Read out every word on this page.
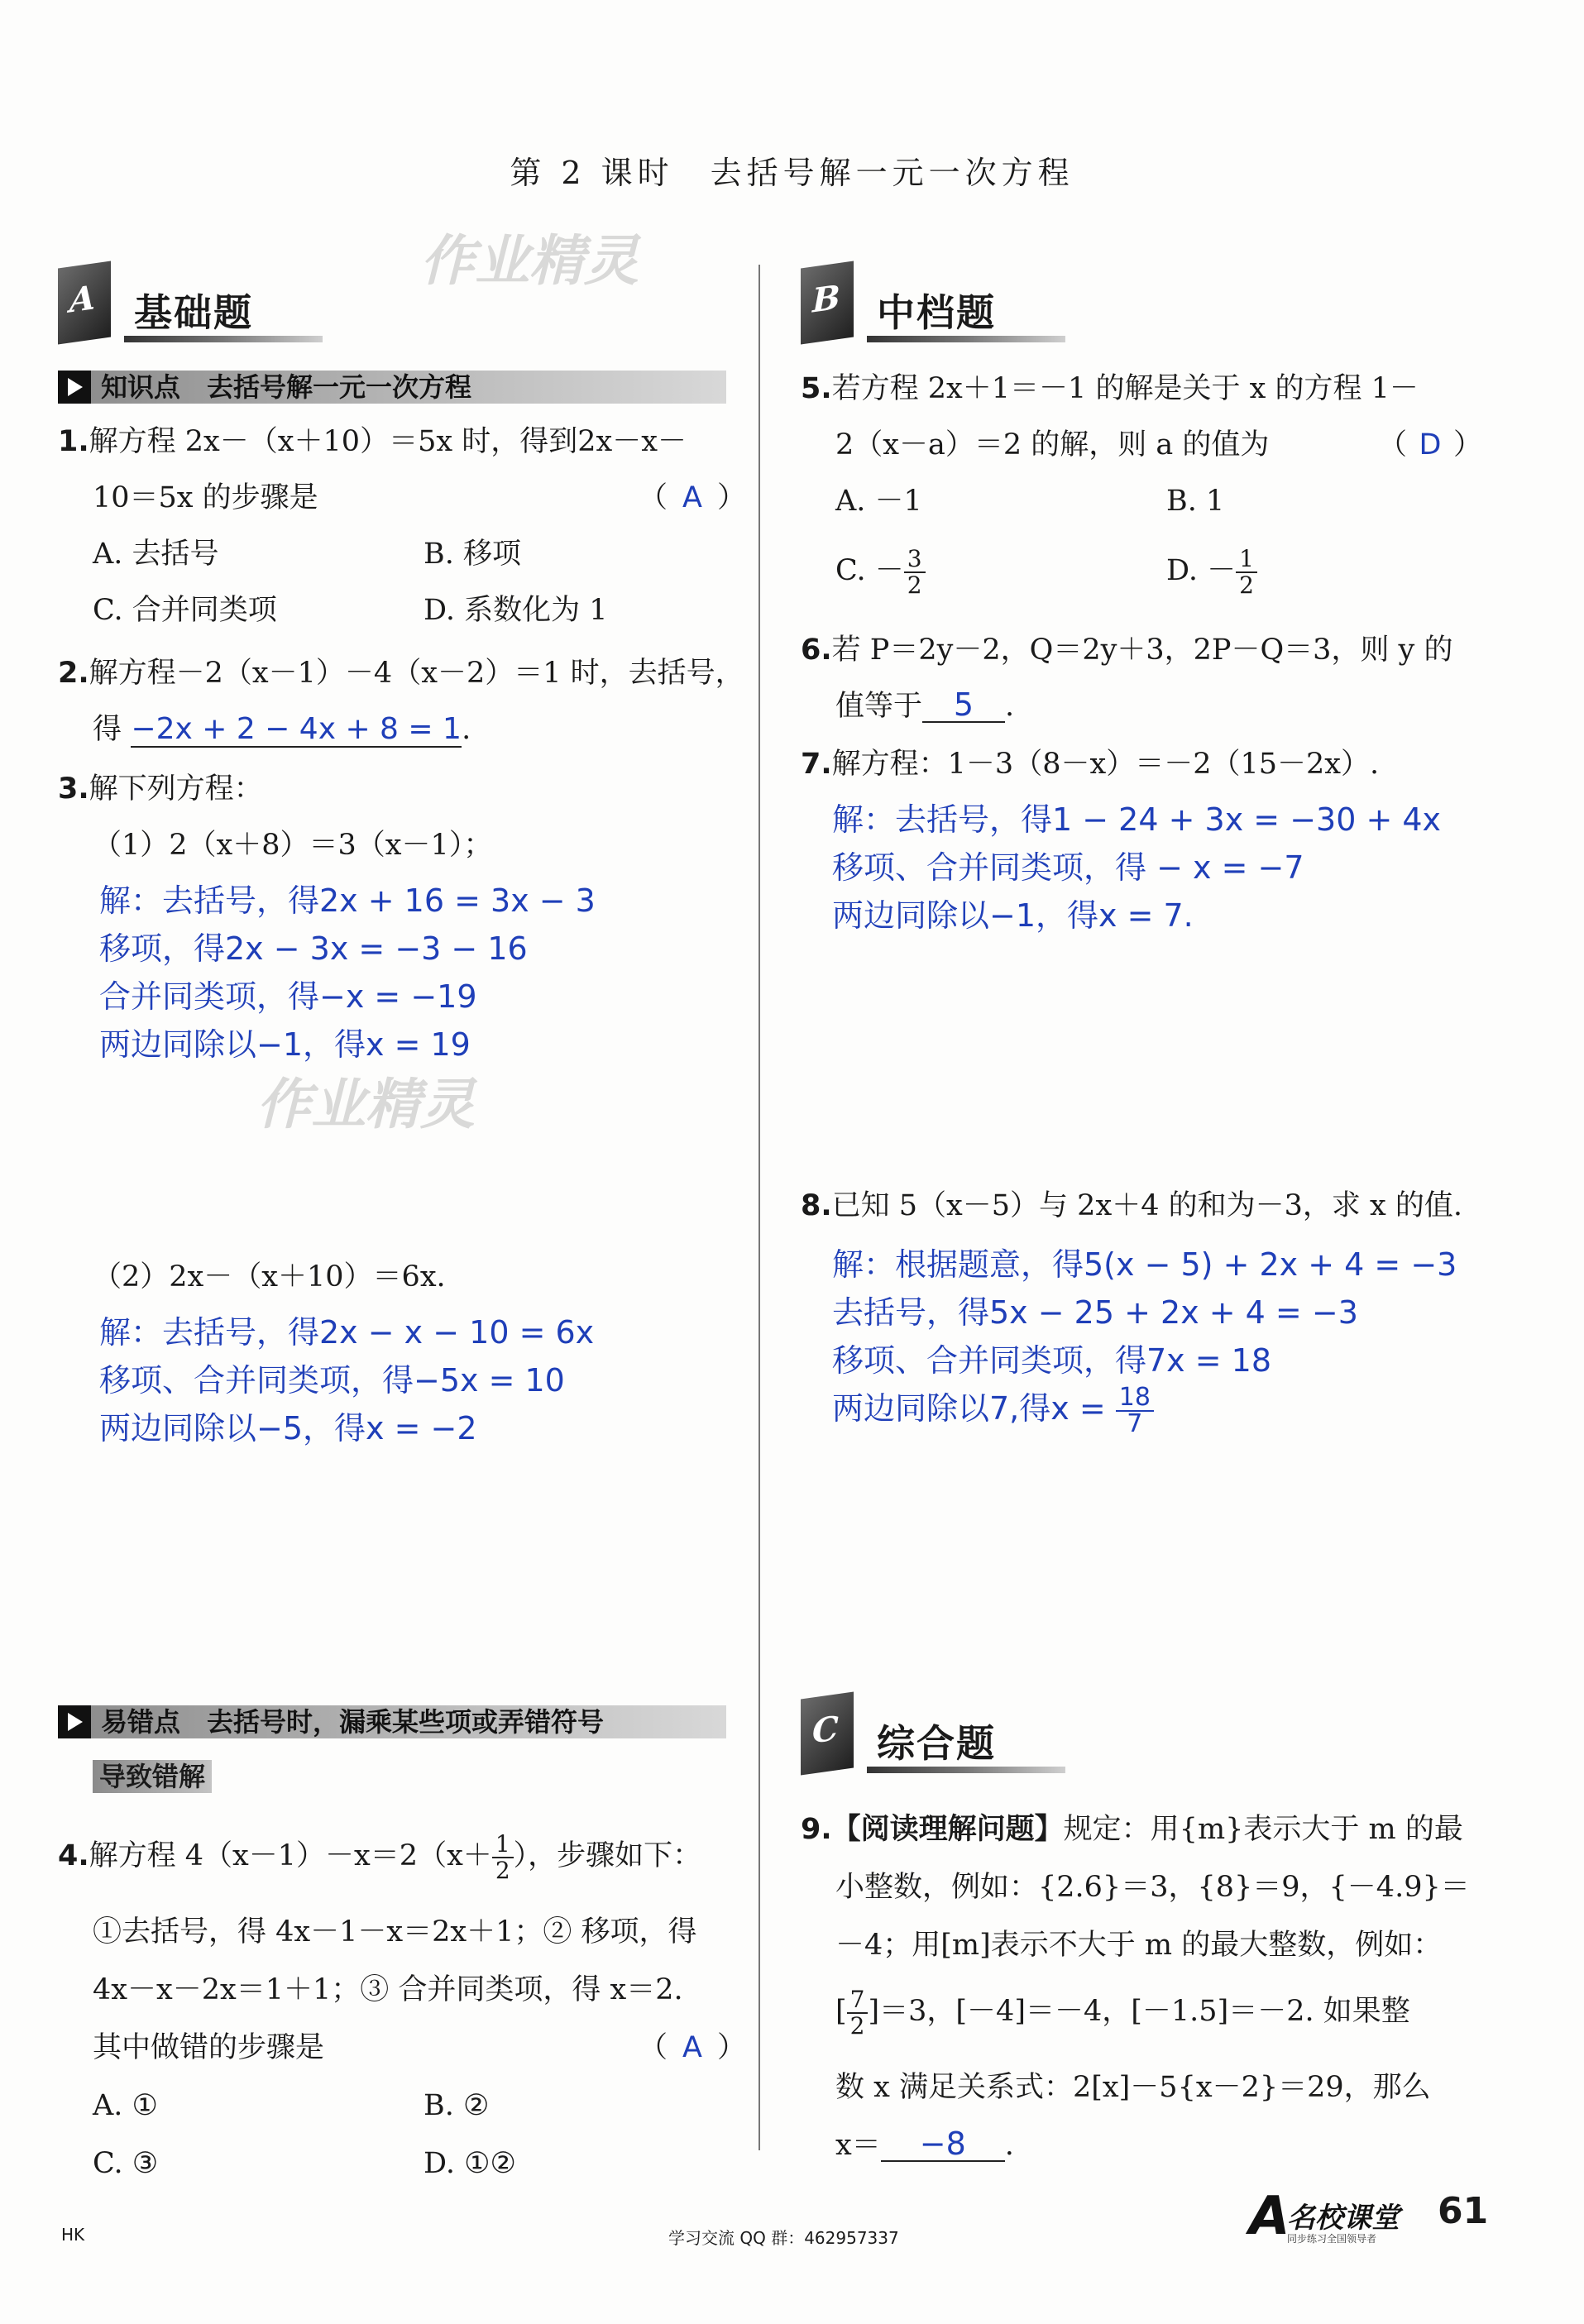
第 2 课时　去括号解一元一次方程
作业精灵
作业精灵
A 基础题
知识点　去括号解一元一次方程
1.解方程 2x－（x＋10）＝5x 时，得到2x－x－
10＝5x 的步骤是	（ A ）
A. 去括号	B. 移项
C. 合并同类项	D. 系数化为 1
2.解方程－2（x－1）－4（x－2）＝1 时，去括号，
得 −2x + 2 − 4x + 8 = 1.
3.解下列方程：
（1）2（x＋8）＝3（x－1）；
解：去括号，得2x + 16 = 3x − 3
移项，得2x − 3x = −3 − 16
合并同类项，得−x = −19
两边同除以−1，得x = 19
（2）2x－（x＋10）＝6x.
解：去括号，得2x − x − 10 = 6x
移项、合并同类项，得−5x = 10
两边同除以−5，得x = −2
易错点　去括号时，漏乘某些项或弄错符号
导致错解
4.解方程 $4(x-1)-x=2(x+ \frac{1}{2}$ ），步骤如下：
①去括号，得 4x－1－x＝2x＋1；② 移项，得
4x－x－2x＝1＋1；③ 合并同类项，得 x＝2.
其中做错的步骤是	（ A ）
A. ①	B. ②
C. ③	D. ①②
B 中档题
5.若方程 2x＋1＝－1 的解是关于 x 的方程 1－
2（x－a）＝2 的解，则 a 的值为	（ D ）
A. －1	B. 1
C. － $\frac{3}{2}$	D. － $\frac{1}{2}$
6.若 P＝2y－2，Q＝2y＋3，2P－Q＝3，则 y 的
值等于 5 .
7.解方程：1－3（8－x）＝－2（15－2x）.
解：去括号，得1 − 24 + 3x = −30 + 4x
移项、合并同类项，得 − x = −7
两边同除以−1，得x = 7.
8.已知 5（x－5）与 2x＋4 的和为－3，求 x 的值.
解：根据题意，得5(x − 5) + 2x + 4 = −3
去括号，得5x − 25 + 2x + 4 = −3
移项、合并同类项，得7x = 18
两边同除以7,得$x = \frac{18}{7}$
C 综合题
9.【阅读理解问题】规定：用{m}表示大于 m 的最
小整数，例如：{2.6}＝3，{8}＝9，{－4.9}＝
－4；用[m]表示不大于 m 的最大整数，例如：
[ $\frac{7}{2} ]=3$，[－4]＝－4，[－1.5]＝－2. 如果整
数 x 满足关系式：2[x]－5{x－2}＝29，那么
x＝ −8 .
HK	学习交流 QQ 群：462957337	A
名校课堂
同步练习全国领导者
61
